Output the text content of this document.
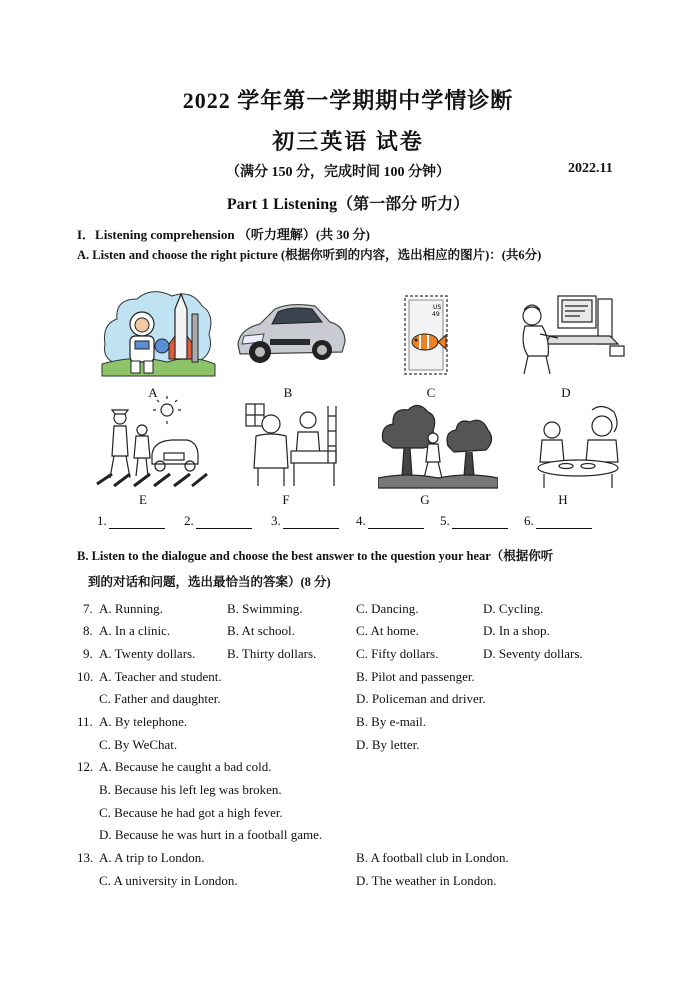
2022 学年第一学期期中学情诊断
初三英语 试卷
（满分 150 分，完成时间 100 分钟）	2022.11
Part 1 Listening（第一部分 听力）
I．Listening comprehension （听力理解）(共 30 分)
A. Listen and choose the right picture (根据你听到的内容，选出相应的图片)：(共6分)
US
49
A	B	C	D
E	F	G	H
1.	2.	3.	4.	5.	6.
B. Listen to the dialogue and choose the best answer to the question your hear（根据你听
到的对话和问题，选出最恰当的答案）(8 分)
7. A. Running.	B. Swimming.	C. Dancing.	D. Cycling.
8. A. In a clinic.	B. At school.	C. At home.	D. In a shop.
9. A. Twenty dollars. B. Thirty dollars.	C. Fifty dollars.	D. Seventy dollars.
10. A. Teacher and student.	B. Pilot and passenger.
C. Father and daughter.	D. Policeman and driver.
11. A. By telephone.	B. By e-mail.
C. By WeChat.	D. By letter.
12. A. Because he caught a bad cold.
B. Because his left leg was broken.
C. Because he had got a high fever.
D. Because he was hurt in a football game.
13. A. A trip to London.	B. A football club in London.
C. A university in London.	D. The weather in London.
